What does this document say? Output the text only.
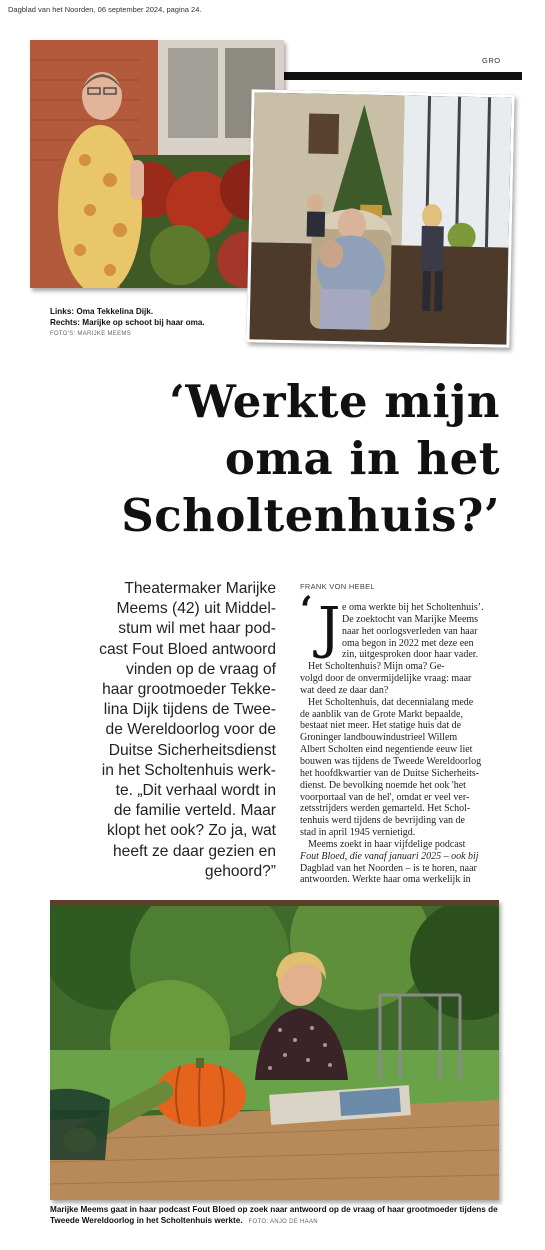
Dagblad van het Noorden, 06 september 2024, pagina 24.
GRO
Links: Oma Tekkelina Dijk.
Rechts: Marijke op schoot bij haar oma.
FOTO'S: MARIJKE MEEMS
‘Werkte mijn
oma in het
Scholtenhuis?’
Theatermaker Marijke
Meems (42) uit Middel-
stum wil met haar pod-
cast Fout Bloed antwoord
vinden op de vraag of
haar grootmoeder Tekke-
lina Dijk tijdens de Twee-
de Wereldoorlog voor de
Duitse Sicherheitsdienst
in het Scholtenhuis werk-
te. „Dit verhaal wordt in
de familie verteld. Maar
klopt het ook? Zo ja, wat
heeft ze daar gezien en
gehoord?”
FRANK VON HEBEL
‘ J e oma werkte bij het Scholtenhuis’.
De zoektocht van Marijke Meems
naar het oorlogsverleden van haar
oma begon in 2022 met deze een
zin, uitgesproken door haar vader.
Het Scholtenhuis? Mijn oma? Ge-
volgd door de onvermijdelijke vraag: maar
wat deed ze daar dan?
Het Scholtenhuis, dat decennialang mede
de aanblik van de Grote Markt bepaalde,
bestaat niet meer. Het statige huis dat de
Groninger landbouwindustrieel Willem
Albert Scholten eind negentiende eeuw liet
bouwen was tijdens de Tweede Wereldoorlog
het hoofdkwartier van de Duitse Sicherheits-
dienst. De bevolking noemde het ook 'het
voorportaal van de hel', omdat er veel ver-
zetsstrijders werden gemarteld. Het Schol-
tenhuis werd tijdens de bevrijding van de
stad in april 1945 vernietigd.
Meems zoekt in haar vijfdelige podcast
Fout Bloed, die vanaf januari 2025 – ook bij
Dagblad van het Noorden – is te horen, naar
antwoorden. Werkte haar oma werkelijk in
Marijke Meems gaat in haar podcast Fout Bloed op zoek naar antwoord op de vraag of haar grootmoeder tijdens de
Tweede Wereldoorlog in het Scholtenhuis werkte. FOTO: ANJO DE HAAN
